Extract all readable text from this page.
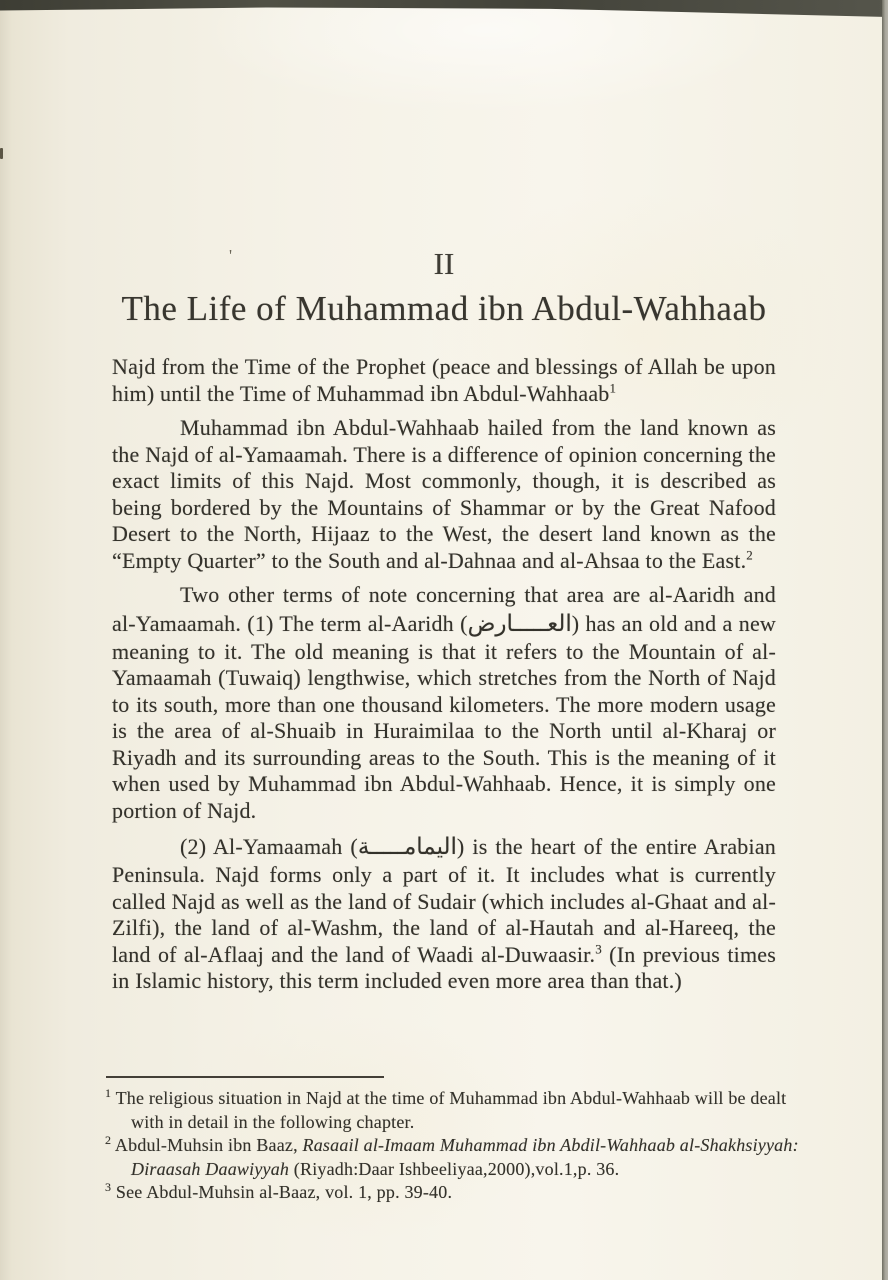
'	II
The Life of Muhammad ibn Abdul-Wahhaab

Najd from the Time of the Prophet (peace and blessings of Allah be upon him) until the Time of Muhammad ibn Abdul-Wahhaab$^1$

Muhammad ibn Abdul-Wahhaab hailed from the land known as the Najd of al-Yamaamah. There is a difference of opinion concerning the exact limits of this Najd. Most commonly, though, it is described as being bordered by the Mountains of Shammar or by the Great Nafood Desert to the North, Hijaaz to the West, the desert land known as the “Empty Quarter” to the South and al-Dahnaa and al-Ahsaa to the East.$^2$

Two other terms of note concerning that area are al-Aaridh and al-Yamaamah. (1) The term al-Aaridh (العـــــارض) has an old and a new meaning to it. The old meaning is that it refers to the Mountain of al-Yamaamah (Tuwaiq) lengthwise, which stretches from the North of Najd to its south, more than one thousand kilometers. The more modern usage is the area of al-Shuaib in Huraimilaa to the North until al-Kharaj or Riyadh and its surrounding areas to the South. This is the meaning of it when used by Muhammad ibn Abdul-Wahhaab. Hence, it is simply one portion of Najd.

(2) Al-Yamaamah (اليمامـــــة) is the heart of the entire Arabian Peninsula. Najd forms only a part of it. It includes what is currently called Najd as well as the land of Sudair (which includes al-Ghaat and al-Zilfi), the land of al-Washm, the land of al-Hautah and al-Hareeq, the land of al-Aflaaj and the land of Waadi al-Duwaasir.$^3$ (In previous times in Islamic history, this term included even more area than that.)

$^1$ The religious situation in Najd at the time of Muhammad ibn Abdul-Wahhaab will be dealt with in detail in the following chapter.

$^2$ Abdul-Muhsin ibn Baaz, Rasaail al-Imaam Muhammad ibn Abdil-Wahhaab al-Shakhsiyyah: Diraasah Daawiyyah (Riyadh:Daar Ishbeeliyaa,2000),vol.1,p. 36.

$^3$ See Abdul-Muhsin al-Baaz, vol. 1, pp. 39-40.
